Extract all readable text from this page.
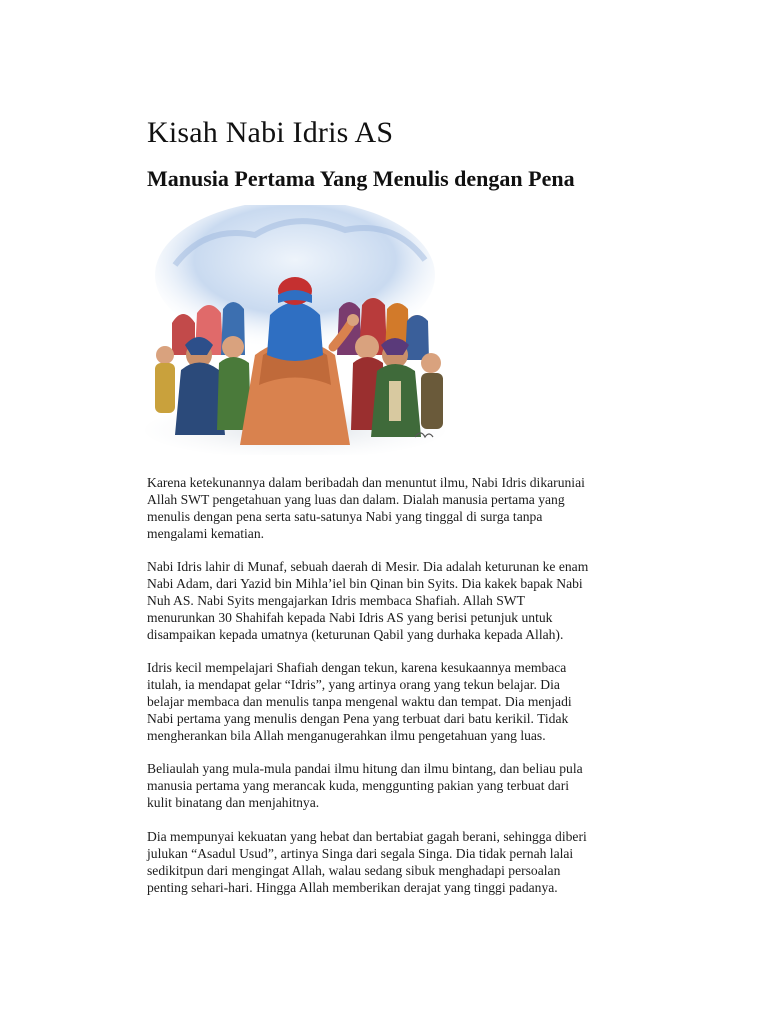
Kisah Nabi Idris AS
Manusia Pertama Yang Menulis dengan Pena

Karena ketekunannya dalam beribadah dan menuntut ilmu, Nabi Idris dikaruniai
Allah SWT pengetahuan yang luas dan dalam. Dialah manusia pertama yang
menulis dengan pena serta satu-satunya Nabi yang tinggal di surga tanpa
mengalami kematian.

Nabi Idris lahir di Munaf, sebuah daerah di Mesir. Dia adalah keturunan ke enam
Nabi Adam, dari Yazid bin Mihla’iel bin Qinan bin Syits. Dia kakek bapak Nabi
Nuh AS. Nabi Syits mengajarkan Idris membaca Shafiah. Allah SWT
menurunkan 30 Shahifah kepada Nabi Idris AS yang berisi petunjuk untuk
disampaikan kepada umatnya (keturunan Qabil yang durhaka kepada Allah).

Idris kecil mempelajari Shafiah dengan tekun, karena kesukaannya membaca
itulah, ia mendapat gelar “Idris”, yang artinya orang yang tekun belajar. Dia
belajar membaca dan menulis tanpa mengenal waktu dan tempat. Dia menjadi
Nabi pertama yang menulis dengan Pena yang terbuat dari batu kerikil. Tidak
mengherankan bila Allah menganugerahkan ilmu pengetahuan yang luas.

Beliaulah yang mula-mula pandai ilmu hitung dan ilmu bintang, dan beliau pula
manusia pertama yang merancak kuda, menggunting pakian yang terbuat dari
kulit binatang dan menjahitnya.

Dia mempunyai kekuatan yang hebat dan bertabiat gagah berani, sehingga diberi
julukan “Asadul Usud”, artinya Singa dari segala Singa. Dia tidak pernah lalai
sedikitpun dari mengingat Allah, walau sedang sibuk menghadapi persoalan
penting sehari-hari. Hingga Allah memberikan derajat yang tinggi padanya.
